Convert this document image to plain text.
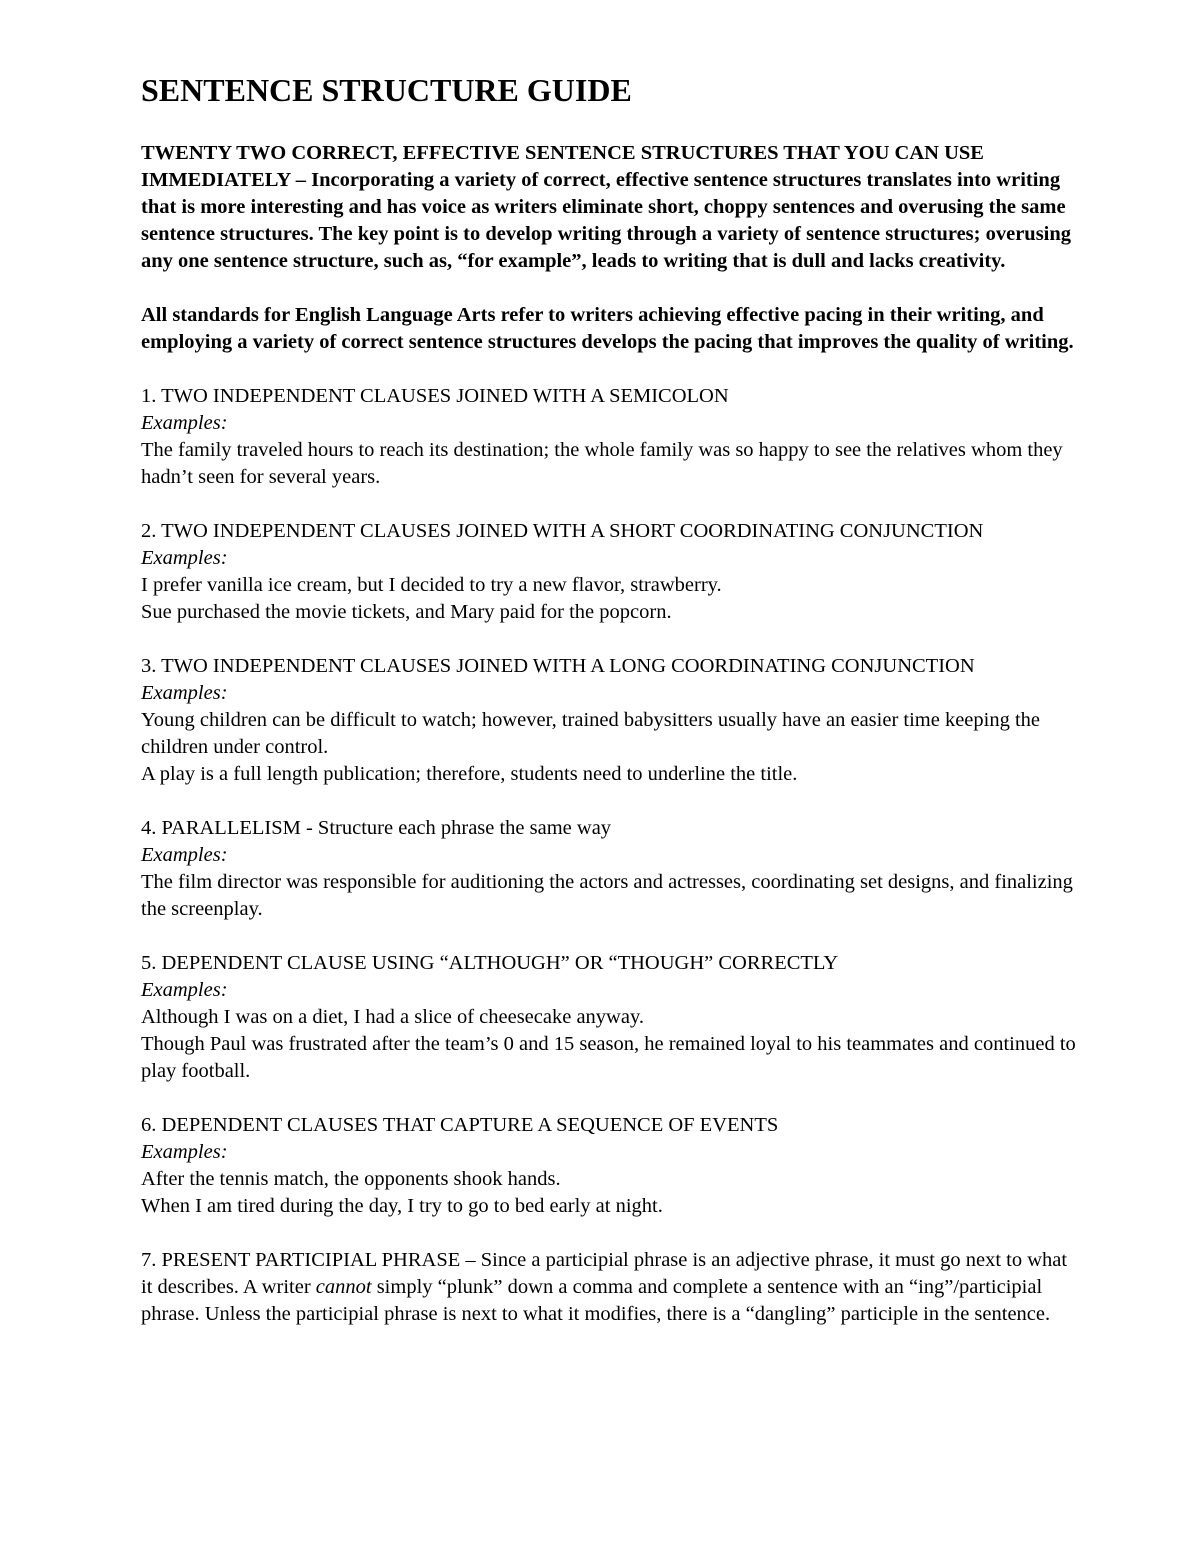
SENTENCE STRUCTURE GUIDE

TWENTY TWO CORRECT, EFFECTIVE SENTENCE STRUCTURES THAT YOU CAN USE IMMEDIATELY – Incorporating a variety of correct, effective sentence structures translates into writing that is more interesting and has voice as writers eliminate short, choppy sentences and overusing the same sentence structures. The key point is to develop writing through a variety of sentence structures; overusing any one sentence structure, such as, “for example”, leads to writing that is dull and lacks creativity.

All standards for English Language Arts refer to writers achieving effective pacing in their writing, and employing a variety of correct sentence structures develops the pacing that improves the quality of writing.

1. TWO INDEPENDENT CLAUSES JOINED WITH A SEMICOLON
Examples:
The family traveled hours to reach its destination; the whole family was so happy to see the relatives whom they hadn’t seen for several years.
2. TWO INDEPENDENT CLAUSES JOINED WITH A SHORT COORDINATING CONJUNCTION
Examples:
I prefer vanilla ice cream, but I decided to try a new flavor, strawberry.
Sue purchased the movie tickets, and Mary paid for the popcorn.
3. TWO INDEPENDENT CLAUSES JOINED WITH A LONG COORDINATING CONJUNCTION
Examples:
Young children can be difficult to watch; however, trained babysitters usually have an easier time keeping the children under control.
A play is a full length publication; therefore, students need to underline the title.
4. PARALLELISM - Structure each phrase the same way
Examples:
The film director was responsible for auditioning the actors and actresses, coordinating set designs, and finalizing the screenplay.
5. DEPENDENT CLAUSE USING “ALTHOUGH” OR “THOUGH” CORRECTLY
Examples:
Although I was on a diet, I had a slice of cheesecake anyway.
Though Paul was frustrated after the team’s 0 and 15 season, he remained loyal to his teammates and continued to play football.
6. DEPENDENT CLAUSES THAT CAPTURE A SEQUENCE OF EVENTS
Examples:
After the tennis match, the opponents shook hands.
When I am tired during the day, I try to go to bed early at night.
7. PRESENT PARTICIPIAL PHRASE – Since a participial phrase is an adjective phrase, it must go next to what it describes. A writer cannot simply “plunk” down a comma and complete a sentence with an “ing”/participial phrase. Unless the participial phrase is next to what it modifies, there is a “dangling” participle in the sentence.
